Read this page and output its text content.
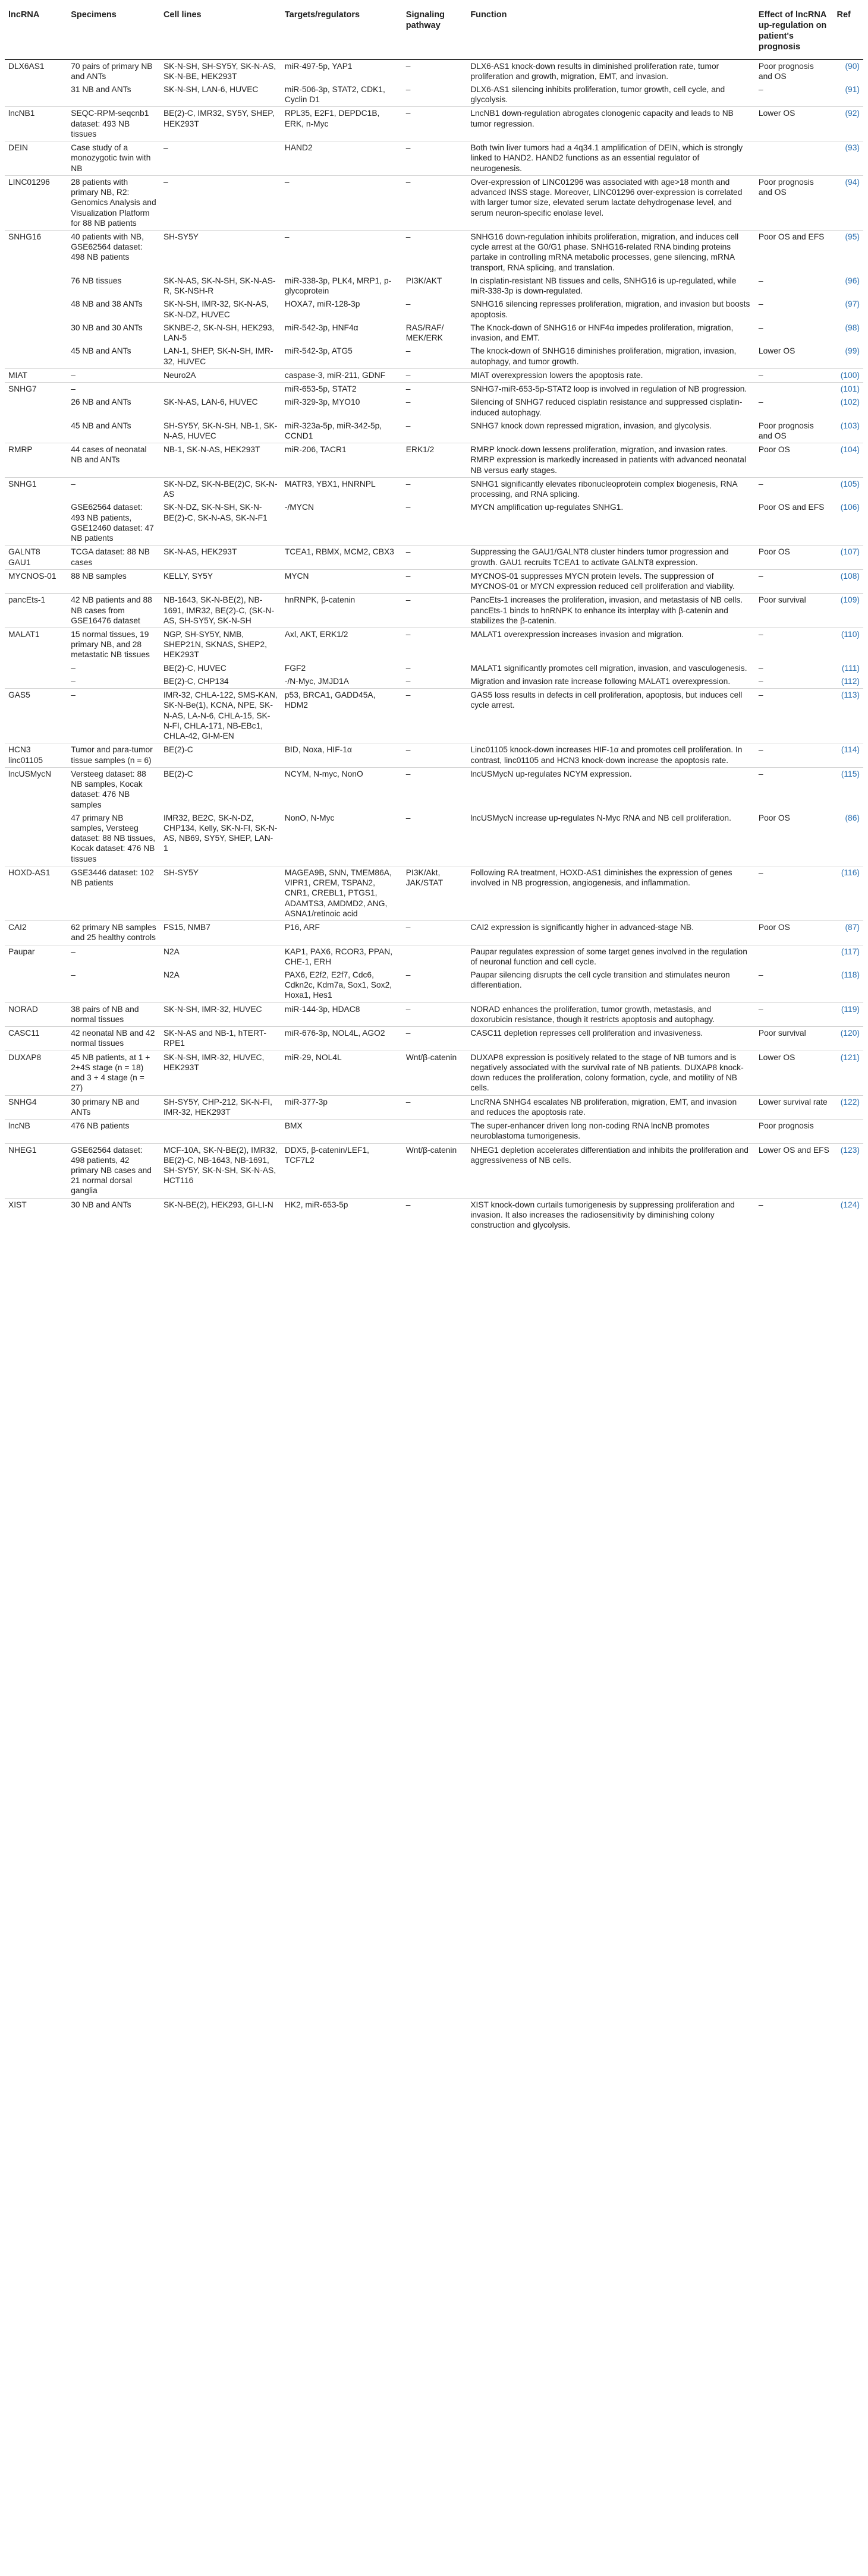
lncRNA	Specimens	Cell lines	Targets/regulators	Signaling pathway	Function	Effect of lncRNA up-regulation on patient's prognosis	Ref
DLX6AS1	70 pairs of primary NB and ANTs	SK-N-SH, SH-SY5Y, SK-N-AS, SK-N-BE, HEK293T	miR-497-5p, YAP1	–	DLX6-AS1 knock-down results in diminished proliferation rate, tumor proliferation and growth, migration, EMT, and invasion.	Poor prognosis and OS	(90)
	31 NB and ANTs	SK-N-SH, LAN-6, HUVEC	miR-506-3p, STAT2, CDK1, Cyclin D1	–	DLX6-AS1 silencing inhibits proliferation, tumor growth, cell cycle, and glycolysis.	–	(91)
lncNB1	SEQC-RPM-seqcnb1 dataset: 493 NB tissues	BE(2)-C, IMR32, SY5Y, SHEP, HEK293T	RPL35, E2F1, DEPDC1B, ERK, n-Myc	–	LncNB1 down-regulation abrogates clonogenic capacity and leads to NB tumor regression.	Lower OS	(92)
DEIN	Case study of a monozygotic twin with NB	–	HAND2	–	Both twin liver tumors had a 4q34.1 amplification of DEIN, which is strongly linked to HAND2. HAND2 functions as an essential regulator of neurogenesis.		(93)
LINC01296	28 patients with primary NB, R2: Genomics Analysis and Visualization Platform for 88 NB patients	–	–	–	Over-expression of LINC01296 was associated with age>18 month and advanced INSS stage. Moreover, LINC01296 over-expression is correlated with larger tumor size, elevated serum lactate dehydrogenase level, and serum neuron-specific enolase level.	Poor prognosis and OS	(94)
SNHG16	40 patients with NB, GSE62564 dataset: 498 NB patients	SH-SY5Y	–	–	SNHG16 down-regulation inhibits proliferation, migration, and induces cell cycle arrest at the G0/G1 phase. SNHG16-related RNA binding proteins partake in controlling mRNA metabolic processes, gene silencing, mRNA transport, RNA splicing, and translation.	Poor OS and EFS	(95)
	76 NB tissues	SK-N-AS, SK-N-SH, SK-N-AS-R, SK-NSH-R	miR-338-3p, PLK4, MRP1, p-glycoprotein	PI3K/AKT	In cisplatin-resistant NB tissues and cells, SNHG16 is up-regulated, while miR-338-3p is down-regulated.	–	(96)
	48 NB and 38 ANTs	SK-N-SH, IMR-32, SK-N-AS, SK-N-DZ, HUVEC	HOXA7, miR-128-3p	–	SNHG16 silencing represses proliferation, migration, and invasion but boosts apoptosis.	–	(97)
	30 NB and 30 ANTs	SKNBE-2, SK-N-SH, HEK293, LAN-5	miR-542-3p, HNF4α	RAS/RAF/ MEK/ERK	The Knock-down of SNHG16 or HNF4α impedes proliferation, migration, invasion, and EMT.	–	(98)
	45 NB and ANTs	LAN-1, SHEP, SK-N-SH, IMR-32, HUVEC	miR-542-3p, ATG5	–	The knock-down of SNHG16 diminishes proliferation, migration, invasion, autophagy, and tumor growth.	Lower OS	(99)
MIAT	–	Neuro2A	caspase-3, miR-211, GDNF	–	MIAT overexpression lowers the apoptosis rate.	–	(100)
SNHG7	–		miR-653-5p, STAT2	–	SNHG7-miR-653-5p-STAT2 loop is involved in regulation of NB progression.		(101)
	26 NB and ANTs	SK-N-AS, LAN-6, HUVEC	miR-329-3p, MYO10	–	Silencing of SNHG7 reduced cisplatin resistance and suppressed cisplatin-induced autophagy.	–	(102)
	45 NB and ANTs	SH-SY5Y, SK-N-SH, NB-1, SK-N-AS, HUVEC	miR-323a-5p, miR-342-5p, CCND1	–	SNHG7 knock down repressed migration, invasion, and glycolysis.	Poor prognosis and OS	(103)
RMRP	44 cases of neonatal NB and ANTs	NB-1, SK-N-AS, HEK293T	miR-206, TACR1	ERK1/2	RMRP knock-down lessens proliferation, migration, and invasion rates. RMRP expression is markedly increased in patients with advanced neonatal NB versus early stages.	Poor OS	(104)
SNHG1	–	SK-N-DZ, SK-N-BE(2)C, SK-N-AS	MATR3, YBX1, HNRNPL	–	SNHG1 significantly elevates ribonucleoprotein complex biogenesis, RNA processing, and RNA splicing.	–	(105)
	GSE62564 dataset: 493 NB patients, GSE12460 dataset: 47 NB patients	SK-N-DZ, SK-N-SH, SK-N-BE(2)-C, SK-N-AS, SK-N-F1	-/MYCN	–	MYCN amplification up-regulates SNHG1.	Poor OS and EFS	(106)
GALNT8 GAU1	TCGA dataset: 88 NB cases	SK-N-AS, HEK293T	TCEA1, RBMX, MCM2, CBX3	–	Suppressing the GAU1/GALNT8 cluster hinders tumor progression and growth. GAU1 recruits TCEA1 to activate GALNT8 expression.	Poor OS	(107)
MYCNOS-01	88 NB samples	KELLY, SY5Y	MYCN	–	MYCNOS-01 suppresses MYCN protein levels. The suppression of MYCNOS-01 or MYCN expression reduced cell proliferation and viability.	–	(108)
pancEts-1	42 NB patients and 88 NB cases from GSE16476 dataset	NB-1643, SK-N-BE(2), NB-1691, IMR32, BE(2)-C, (SK-N-AS, SH-SY5Y, SK-N-SH	hnRNPK, β-catenin	–	PancEts-1 increases the proliferation, invasion, and metastasis of NB cells. pancEts-1 binds to hnRNPK to enhance its interplay with β-catenin and stabilizes the β-catenin.	Poor survival	(109)
MALAT1	15 normal tissues, 19 primary NB, and 28 metastatic NB tissues	NGP, SH-SY5Y, NMB, SHEP21N, SKNAS, SHEP2, HEK293T	Axl, AKT, ERK1/2	–	MALAT1 overexpression increases invasion and migration.	–	(110)
	–	BE(2)-C, HUVEC	FGF2	–	MALAT1 significantly promotes cell migration, invasion, and vasculogenesis.	–	(111)
	–	BE(2)-C, CHP134	-/N-Myc, JMJD1A	–	Migration and invasion rate increase following MALAT1 overexpression.	–	(112)
GAS5	–	IMR-32, CHLA-122, SMS-KAN, SK-N-Be(1), KCNA, NPE, SK-N-AS, LA-N-6, CHLA-15, SK-N-FI, CHLA-171, NB-EBc1, CHLA-42, GI-M-EN	p53, BRCA1, GADD45A, HDM2	–	GAS5 loss results in defects in cell proliferation, apoptosis, but induces cell cycle arrest.	–	(113)
HCN3 linc01105	Tumor and para-tumor tissue samples (n = 6)	BE(2)-C	BID, Noxa, HIF-1α	–	Linc01105 knock-down increases HIF-1α and promotes cell proliferation. In contrast, linc01105 and HCN3 knock-down increase the apoptosis rate.	–	(114)
lncUSMycN	Versteeg dataset: 88 NB samples, Kocak dataset: 476 NB samples	BE(2)-C	NCYM, N-myc, NonO	–	lncUSMycN up-regulates NCYM expression.	–	(115)
	47 primary NB samples, Versteeg dataset: 88 NB tissues, Kocak dataset: 476 NB tissues	IMR32, BE2C, SK-N-DZ, CHP134, Kelly, SK-N-FI, SK-N-AS, NB69, SY5Y, SHEP, LAN-1	NonO, N-Myc	–	lncUSMycN increase up-regulates N-Myc RNA and NB cell proliferation.	Poor OS	(86)
HOXD-AS1	GSE3446 dataset: 102 NB patients	SH-SY5Y	MAGEA9B, SNN, TMEM86A, VIPR1, CREM, TSPAN2, CNR1, CREBL1, PTGS1, ADAMTS3, AMDMD2, ANG, ASNA1/retinoic acid	PI3K/Akt, JAK/STAT	Following RA treatment, HOXD-AS1 diminishes the expression of genes involved in NB progression, angiogenesis, and inflammation.	–	(116)
CAI2	62 primary NB samples and 25 healthy controls	FS15, NMB7	P16, ARF	–	CAI2 expression is significantly higher in advanced-stage NB.	Poor OS	(87)
Paupar	–	N2A	KAP1, PAX6, RCOR3, PPAN, CHE-1, ERH		Paupar regulates expression of some target genes involved in the regulation of neuronal function and cell cycle.		(117)
	–	N2A	PAX6, E2f2, E2f7, Cdc6, Cdkn2c, Kdm7a, Sox1, Sox2, Hoxa1, Hes1	–	Paupar silencing disrupts the cell cycle transition and stimulates neuron differentiation.	–	(118)
NORAD	38 pairs of NB and normal tissues	SK-N-SH, IMR-32, HUVEC	miR-144-3p, HDAC8	–	NORAD enhances the proliferation, tumor growth, metastasis, and doxorubicin resistance, though it restricts apoptosis and autophagy.	–	(119)
CASC11	42 neonatal NB and 42 normal tissues	SK-N-AS and NB-1, hTERT-RPE1	miR-676-3p, NOL4L, AGO2	–	CASC11 depletion represses cell proliferation and invasiveness.	Poor survival	(120)
DUXAP8	45 NB patients, at 1 + 2+4S stage (n = 18) and 3 + 4 stage (n = 27)	SK-N-SH, IMR-32, HUVEC, HEK293T	miR-29, NOL4L	Wnt/β-catenin	DUXAP8 expression is positively related to the stage of NB tumors and is negatively associated with the survival rate of NB patients. DUXAP8 knock-down reduces the proliferation, colony formation, cycle, and motility of NB cells.	Lower OS	(121)
SNHG4	30 primary NB and ANTs	SH-SY5Y, CHP-212, SK-N-FI, IMR-32, HEK293T	miR-377-3p	–	LncRNA SNHG4 escalates NB proliferation, migration, EMT, and invasion and reduces the apoptosis rate.	Lower survival rate	(122)
lncNB	476 NB patients		BMX		The super-enhancer driven long non-coding RNA lncNB promotes neuroblastoma tumorigenesis.	Poor prognosis	
NHEG1	GSE62564 dataset: 498 patients, 42 primary NB cases and 21 normal dorsal ganglia	MCF-10A, SK-N-BE(2), IMR32, BE(2)-C, NB-1643, NB-1691, SH-SY5Y, SK-N-SH, SK-N-AS, HCT116	DDX5, β-catenin/LEF1, TCF7L2	Wnt/β-catenin	NHEG1 depletion accelerates differentiation and inhibits the proliferation and aggressiveness of NB cells.	Lower OS and EFS	(123)
XIST	30 NB and ANTs	SK-N-BE(2), HEK293, GI-LI-N	HK2, miR-653-5p	–	XIST knock-down curtails tumorigenesis by suppressing proliferation and invasion. It also increases the radiosensitivity by diminishing colony construction and glycolysis.	–	(124)
